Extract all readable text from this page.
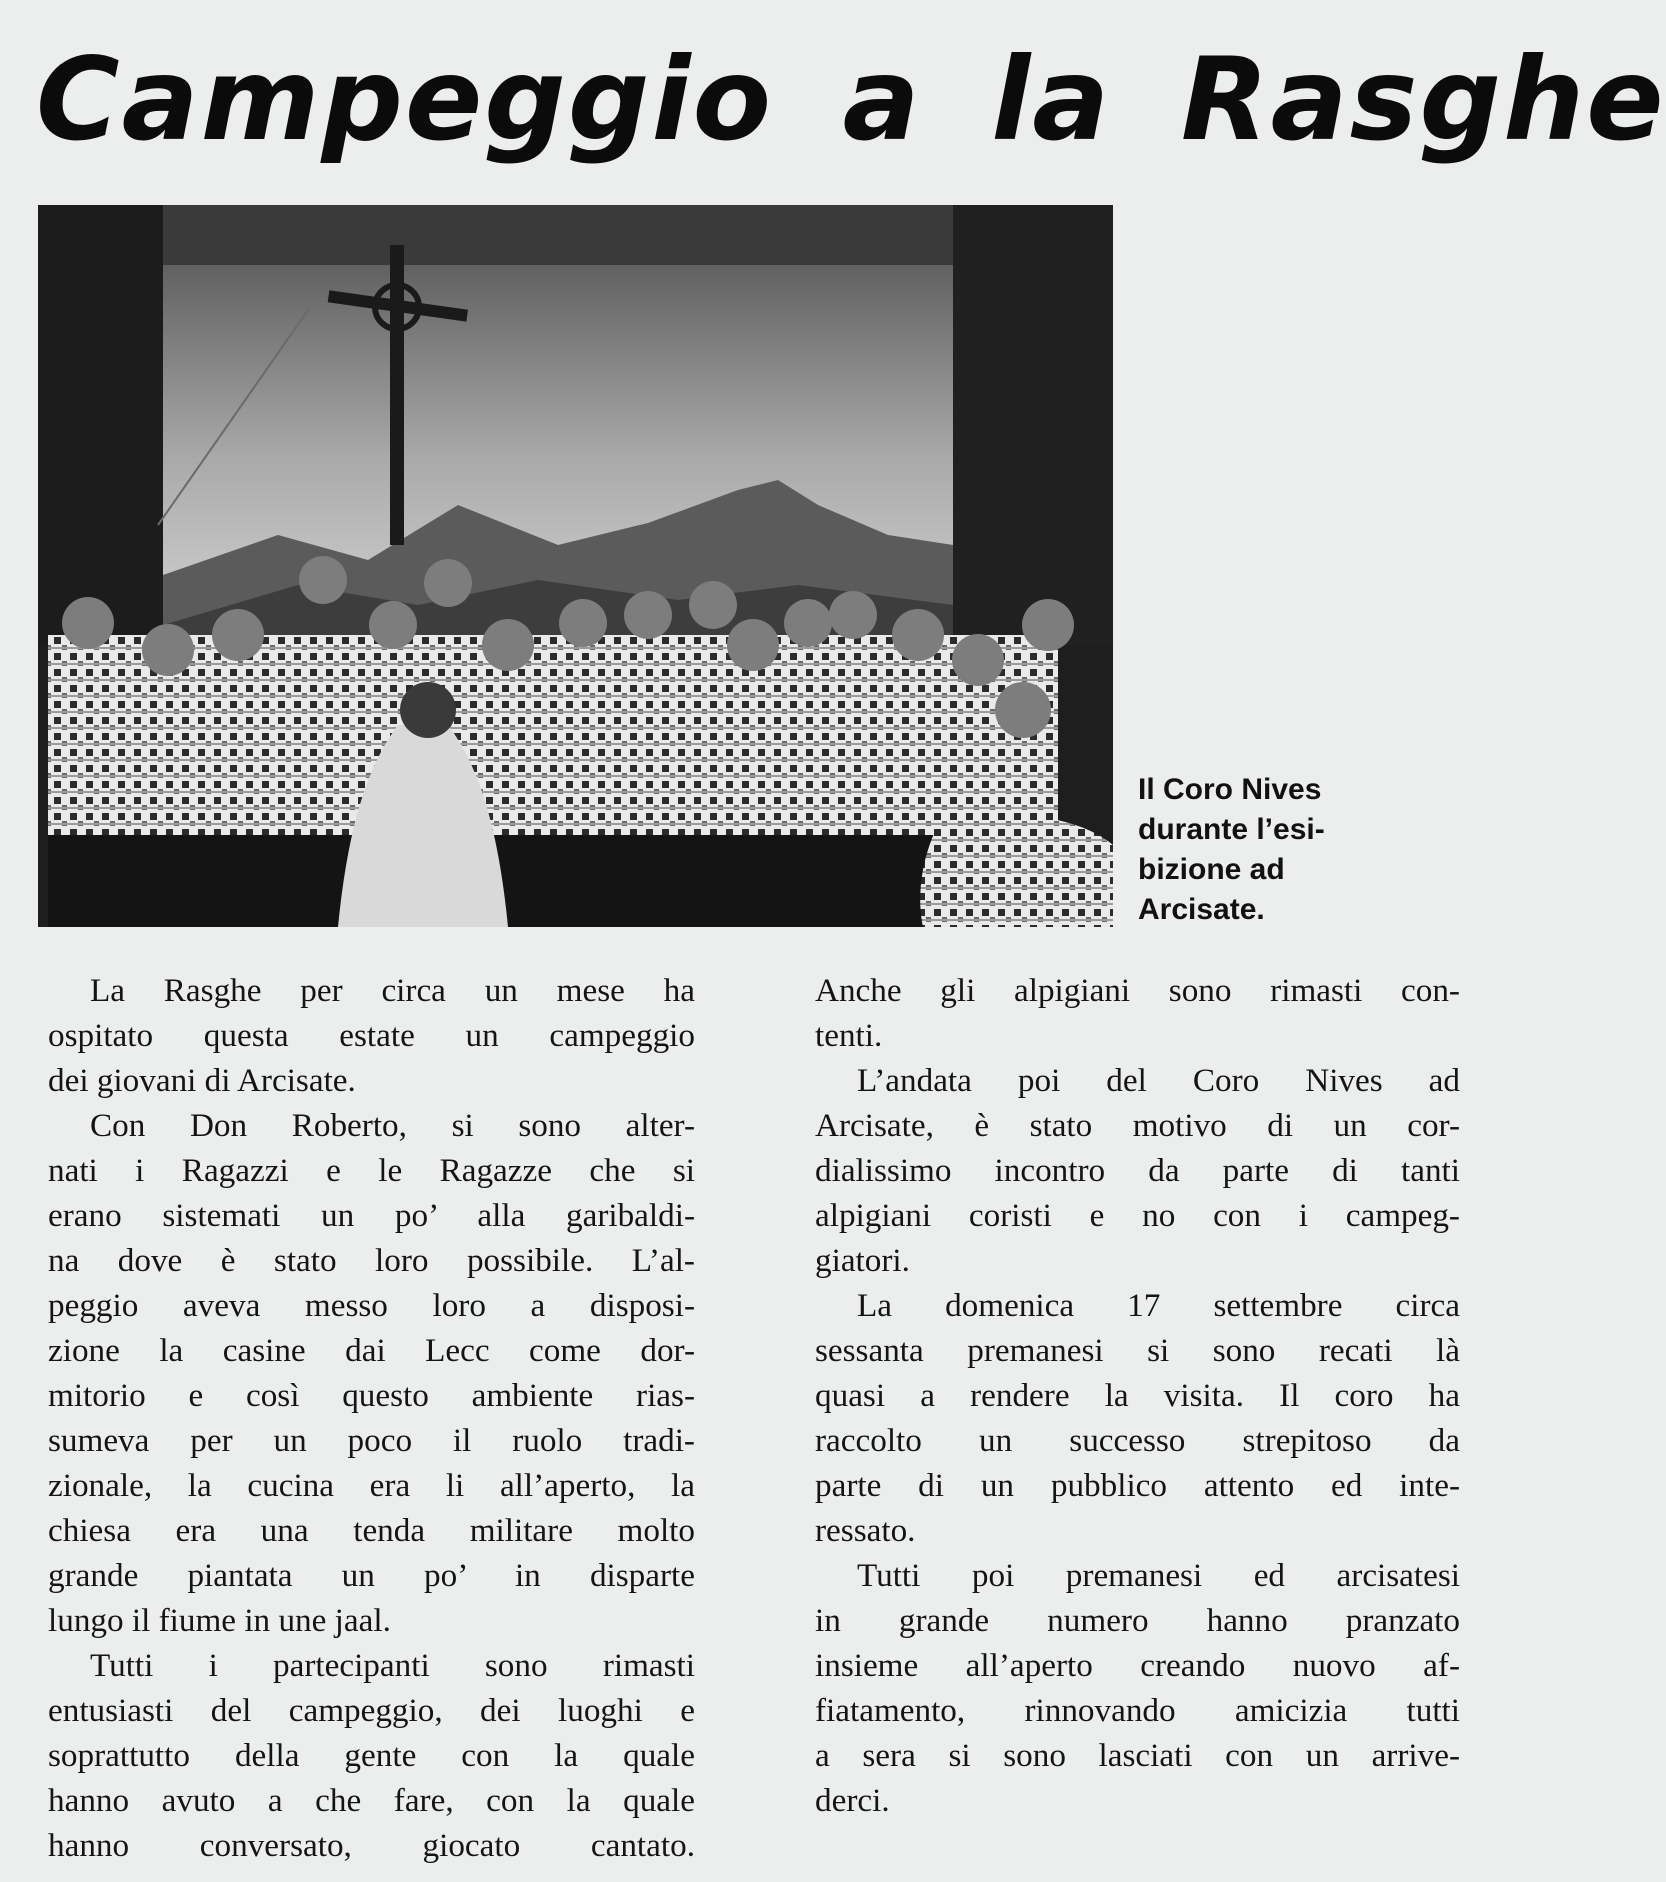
Campeggio a la Rasghe
Il Coro Nives
durante l’esi-
bizione ad
Arcisate.
La Rasghe per circa un mese ha
ospitato questa estate un campeggio
dei giovani di Arcisate.
Con Don Roberto, si sono alter-
nati i Ragazzi e le Ragazze che si
erano sistemati un po’ alla garibaldi-
na dove è stato loro possibile. L’al-
peggio aveva messo loro a disposi-
zione la casine dai Lecc come dor-
mitorio e così questo ambiente rias-
sumeva per un poco il ruolo tradi-
zionale, la cucina era li all’aperto, la
chiesa era una tenda militare molto
grande piantata un po’ in disparte
lungo il fiume in une jaal.
Tutti i partecipanti sono rimasti
entusiasti del campeggio, dei luoghi e
soprattutto della gente con la quale
hanno avuto a che fare, con la quale
hanno conversato, giocato cantato.
Anche gli alpigiani sono rimasti con-
tenti.
L’andata poi del Coro Nives ad
Arcisate, è stato motivo di un cor-
dialissimo incontro da parte di tanti
alpigiani coristi e no con i campeg-
giatori.
La domenica 17 settembre circa
sessanta premanesi si sono recati là
quasi a rendere la visita. Il coro ha
raccolto un successo strepitoso da
parte di un pubblico attento ed inte-
ressato.
Tutti poi premanesi ed arcisatesi
in grande numero hanno pranzato
insieme all’aperto creando nuovo af-
fiatamento, rinnovando amicizia tutti
a sera si sono lasciati con un arrive-
derci.
